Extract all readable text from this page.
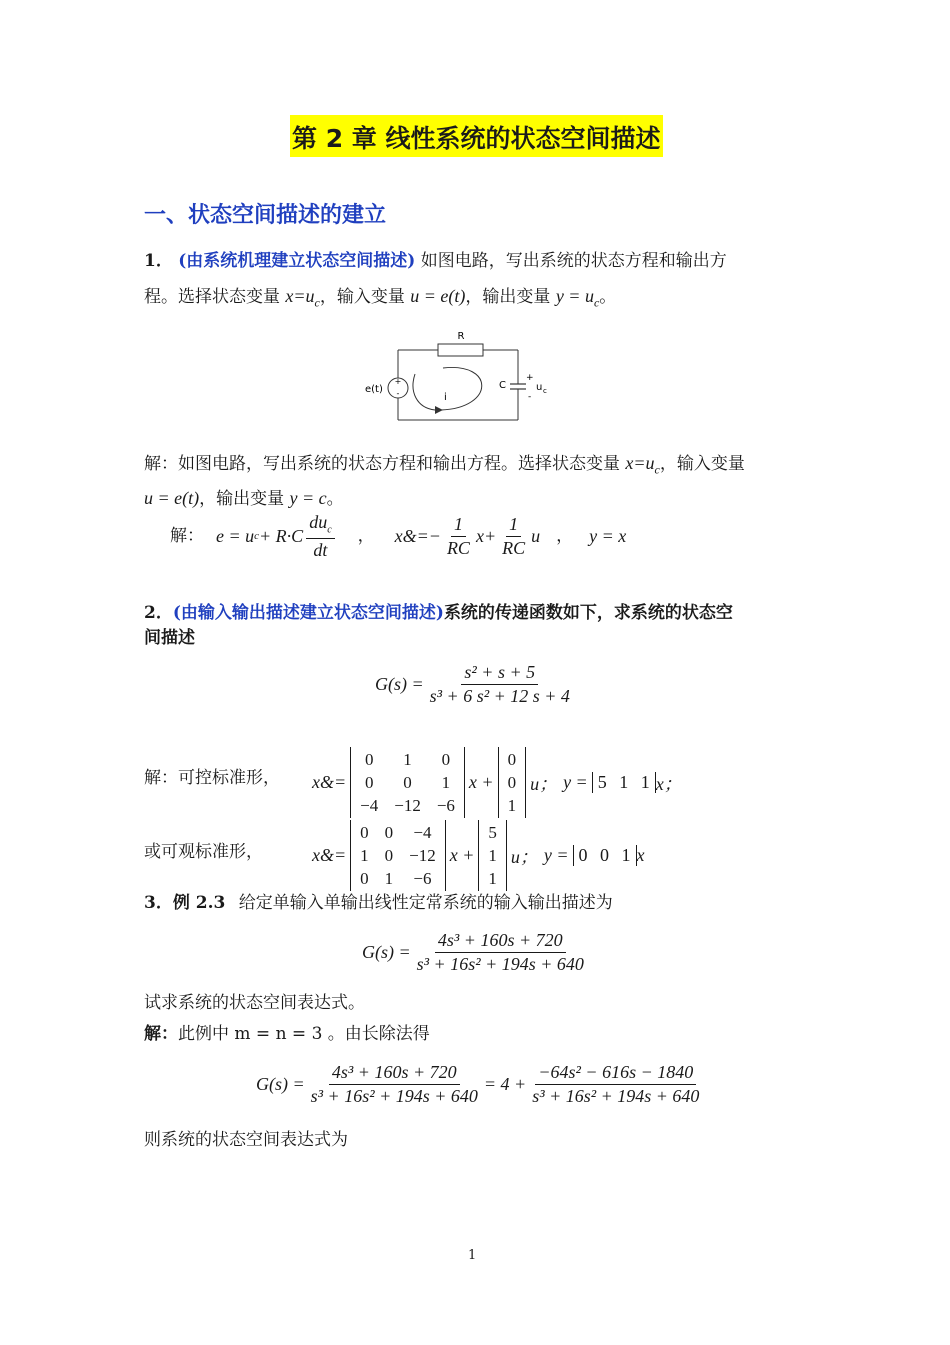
第 2 章 线性系统的状态空间描述
一、状态空间描述的建立
1． (由系统机理建立状态空间描述) 如图电路，写出系统的状态方程和输出方
程。选择状态变量 $x=u_c$，输入变量 u = e(t)，输出变量 $y = u_c$。
+
-
R
e(t)
i
C
+
-
u c
解：如图电路，写出系统的状态方程和输出方程。选择状态变量 $x=u_c$，输入变量
u = e(t)，输出变量 y = c。
解： e = u $c + R\cdot C \frac{du_c}{dt}$ ， x&=− $\frac{1}{RC} x+ \frac{1}{RC}$ u ， y = x
2．(由输入输出描述建立状态空间描述)系统的传递函数如下，求系统的状态空
间描述
$G(s) = \frac{\text{s² + s + 5}}{\text{s³ + 6 s² + 12 s + 4}}$
解：可控标准形， x&=
0	1	0
0	0	1
−4	−12	−6
x +
0
0
1
u； y = 5 1 1 x；
或可观标准形，	x&=
0	0	−4
1	0	−12
0	1	−6
x +
5
1
1
u； y = 0 0 1 x
3．例 2.3 给定单输入单输出线性定常系统的输入输出描述为
$G(s) = \frac{\text{4s³ + 160s + 720}}{\text{s³ + 16s² + 194s + 640}}$
试求系统的状态空间表达式。
解：此例中 m = n = 3 。由长除法得
$G(s) = \frac{\text{4s³ + 160s + 720}}{\text{s³ + 16s² + 194s + 640}} = 4 + \frac{\text{−64s² − 616s − 1840}}{\text{s³ + 16s² + 194s + 640}}$
则系统的状态空间表达式为
1
